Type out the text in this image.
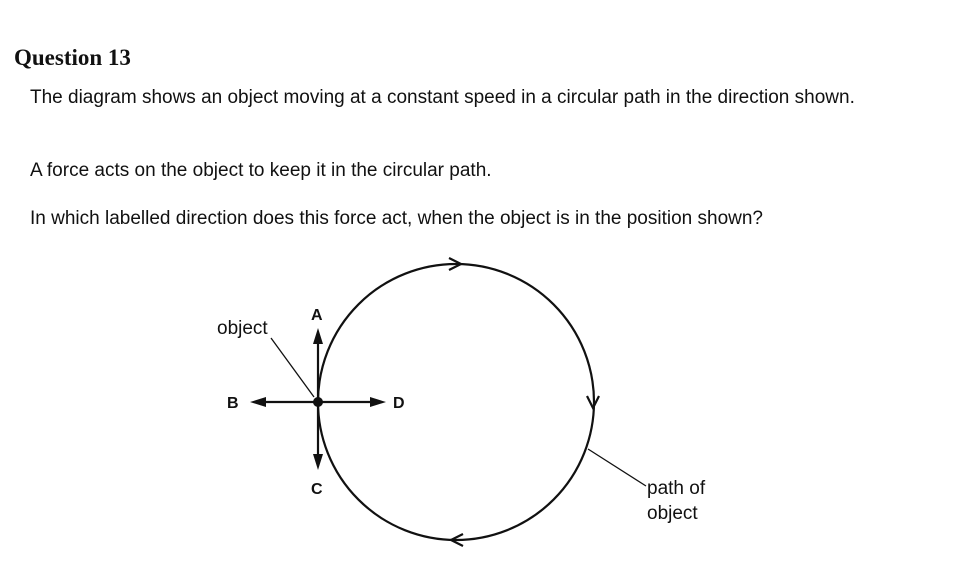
Question 13

The diagram shows an object moving at a constant speed in a circular path in the direction shown.

A force acts on the object to keep it in the circular path.

In which labelled direction does this force act, when the object is in the position shown?

object
path of
object
A
B
C
D
